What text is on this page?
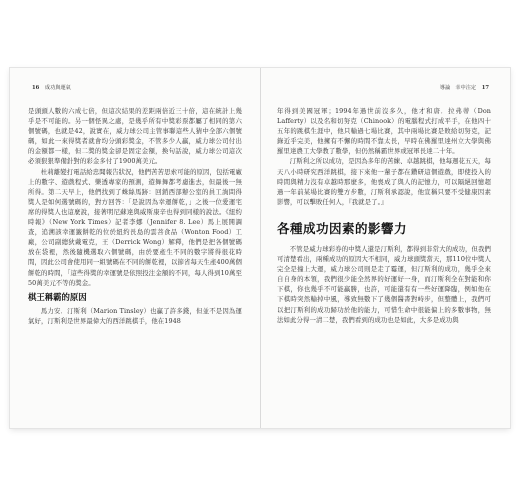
16 成功與運氣

是頭頭人數的六成七倍，但這次結果的差距兩倍近三十倍，這在統計上幾乎是不可能的。另一個怪異之處，是幾乎所有中獎彩票都屬了相同的第六個號碼，也就是42，說實在，威力球公司主管事聯這些人猜中全部六個號碼，如此一來得獎者就會均分頭彩獎金，不管多少人贏，威力球公司付出的金額都一樣，但二獎的獎金卻是固定金額，換句話說，威力球公司這次必須狠狠準備針對的彩金多付了1900萬美元。

杜莉離變打電話給忠聞報告狀況，他們苦苦思索可能的原因，包括電廠上的數字、遊戲程式、樂透專家的預測，遊舞舞都考慮進去，但最後一無所得。第二天早上，他們找到了蛛絲馬跡：回銷西部辦公室的員工詢問得獎人是如何選號碼的，對方回答：「是說因為幸運餅乾，」之後一位愛運宅席的得獎人也這麼說，接著明尼蘇達與威斯康辛也得到同樣的說法。《紐約時報》（New York Times）記者李娜（Jennifer 8. Lee）馬上展開調查，追溯該幸運籤餅乾的位於紐約長島的雲菩食品（Wonton Food）工廠，公司副總狄戴電克，王（Derrick Wong）解釋，他們是把各個號碼放在袋裡，然後隨機選取六個號碼，由於要產生不同的數字將得很花時間，因此公司會使用同一組號碼在不同的餅乾裡，以節省每天生產400萬個餅乾的時間，「這些得獎的幸運號是依照投注金額的不同，每人得到10萬至50萬美元不等的獎金。

棋王稱霸的原因

馬力安．汀斯利（Marion Tinsley）也贏了許多錢，但並不是因為運氣好，汀斯利是世界最偉大的西洋跳棋手，他在1948

導論　幸中注定 17

年得到美國冠軍；1994年過世前沒多久，他才和唐．拉弗蒂（Don Lafferty）以及名和切努克（Chinook）的電腦程式打成平手，在他四十五年的跳棋生涯中，他只輸過七場比賽，其中兩場比賽是敗給切努克，記錄近乎完美，他擁有不懈的時間不靠太長，早時在佛羅里達州立大學與佛羅里達農工大學教了數學，但仍然稱霸世界或冠軍長達二十年。

汀斯利之所以成功，是因為多年的苦練、卓越跳棋，他每週花五天，每天八小時研究西洋跳棋，接下來他一輩子都在鑽研這個遊戲，即使投入的時間與精力沒有卓越時那麼多，他喪成了與人的記憶力，可以隔絕回憶超過一年前某場比賽的雙方步數，汀斯利承認說，他宣稱只要不受健康因素影響，可以擊敗任何人，『我就是了。』

各種成功因素的影響力

不管是威力球彩券的中獎人還是汀斯利，都得到非常大的成功，但我們可清楚看出，兩種成功的原因大不相同，威力球頭獎當天，那110位中獎人完全是撞上大運，威力球公司則是走了霉運，但汀斯利的成功，幾乎全來自自身的本領，我們很少能全然界的好運好一身，而汀斯利全在對能和你下棋，你也幾乎不可能贏勝，也許，可能還有有一些好運降臨，例如他在下棋時突然輸掉中風，導致無數下了幾個醫書對峙步，但整體上，我們可以把汀斯利的成功歸功於他的能力，可惜生命中很能偏上的多數事物，無法如此分得一清二楚，我們看到的成功也是如此，大多是成功與
